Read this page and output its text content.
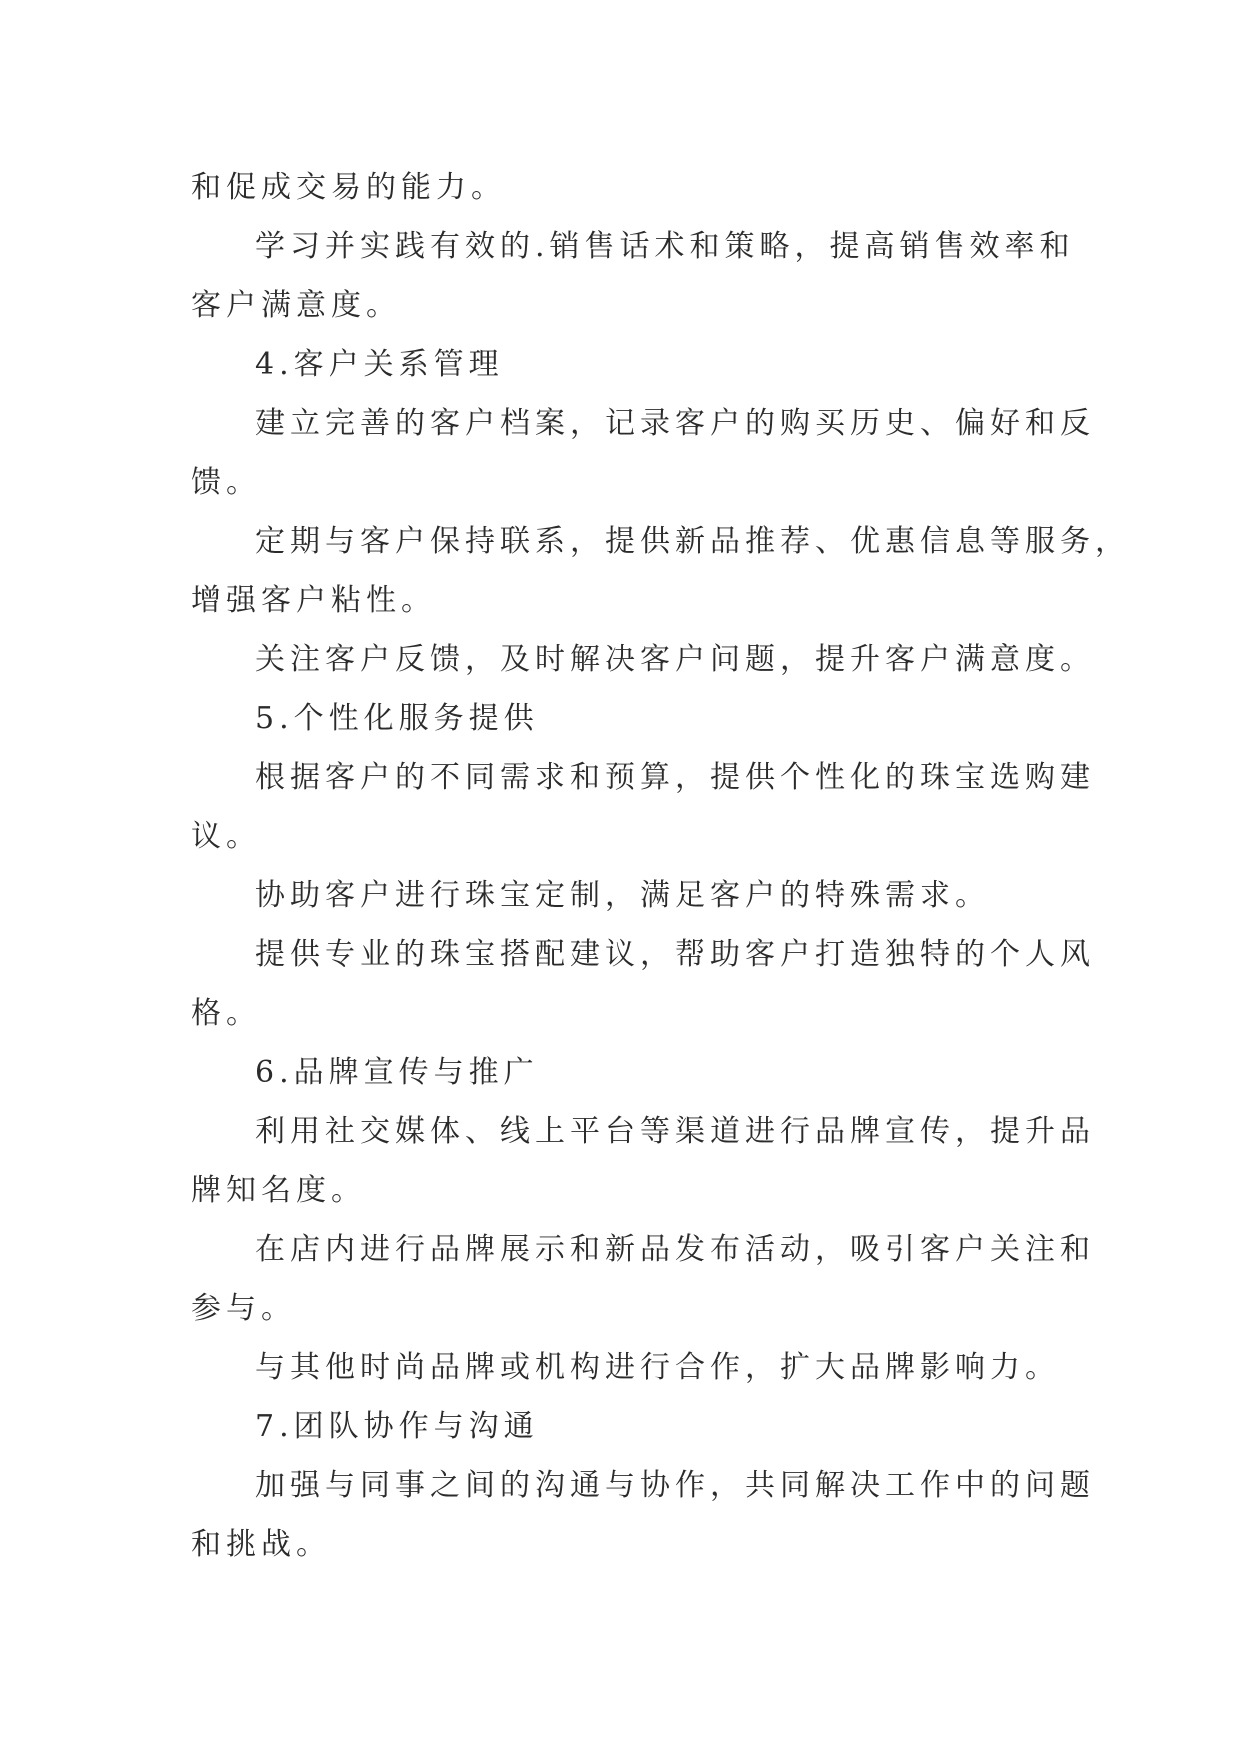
和促成交易的能力。
学习并实践有效的.销售话术和策略，提高销售效率和
客户满意度。
4.客户关系管理
建立完善的客户档案，记录客户的购买历史、偏好和反
馈。
定期与客户保持联系，提供新品推荐、优惠信息等服务，
增强客户粘性。
关注客户反馈，及时解决客户问题，提升客户满意度。
5.个性化服务提供
根据客户的不同需求和预算，提供个性化的珠宝选购建
议。
协助客户进行珠宝定制，满足客户的特殊需求。
提供专业的珠宝搭配建议，帮助客户打造独特的个人风
格。
6.品牌宣传与推广
利用社交媒体、线上平台等渠道进行品牌宣传，提升品
牌知名度。
在店内进行品牌展示和新品发布活动，吸引客户关注和
参与。
与其他时尚品牌或机构进行合作，扩大品牌影响力。
7.团队协作与沟通
加强与同事之间的沟通与协作，共同解决工作中的问题
和挑战。
